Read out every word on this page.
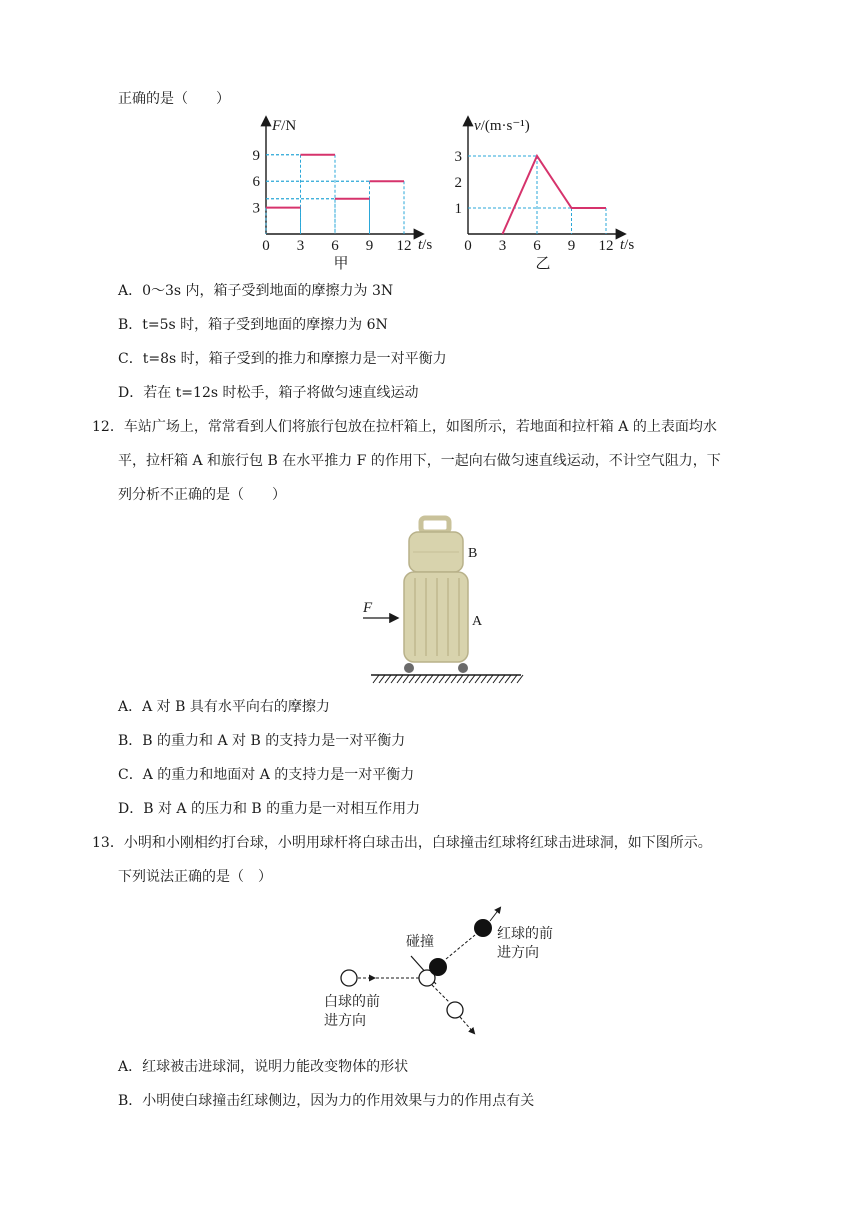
正确的是（　　）
F/N
t/s
3
6
9
0 3 6 9 12
甲
v/(m·s⁻¹)
t/s
1
2
3
0 3 6 9 12
乙
A．0～3s 内，箱子受到地面的摩擦力为 3N
B．t=5s 时，箱子受到地面的摩擦力为 6N
C．t=8s 时，箱子受到的推力和摩擦力是一对平衡力
D．若在 t=12s 时松手，箱子将做匀速直线运动
12．车站广场上，常常看到人们将旅行包放在拉杆箱上，如图所示，若地面和拉杆箱 A 的上表面均水
平，拉杆箱 A 和旅行包 B 在水平推力 F 的作用下，一起向右做匀速直线运动，不计空气阻力，下
列分析不正确的是（　　）
B
A
F
A．A 对 B 具有水平向右的摩擦力
B．B 的重力和 A 对 B 的支持力是一对平衡力
C．A 的重力和地面对 A 的支持力是一对平衡力
D．B 对 A 的压力和 B 的重力是一对相互作用力
13．小明和小刚相约打台球，小明用球杆将白球击出，白球撞击红球将红球击进球洞，如下图所示。
下列说法正确的是（　）
碰撞
红球的前
进方向
白球的前
进方向
A．红球被击进球洞，说明力能改变物体的形状
B．小明使白球撞击红球侧边，因为力的作用效果与力的作用点有关
